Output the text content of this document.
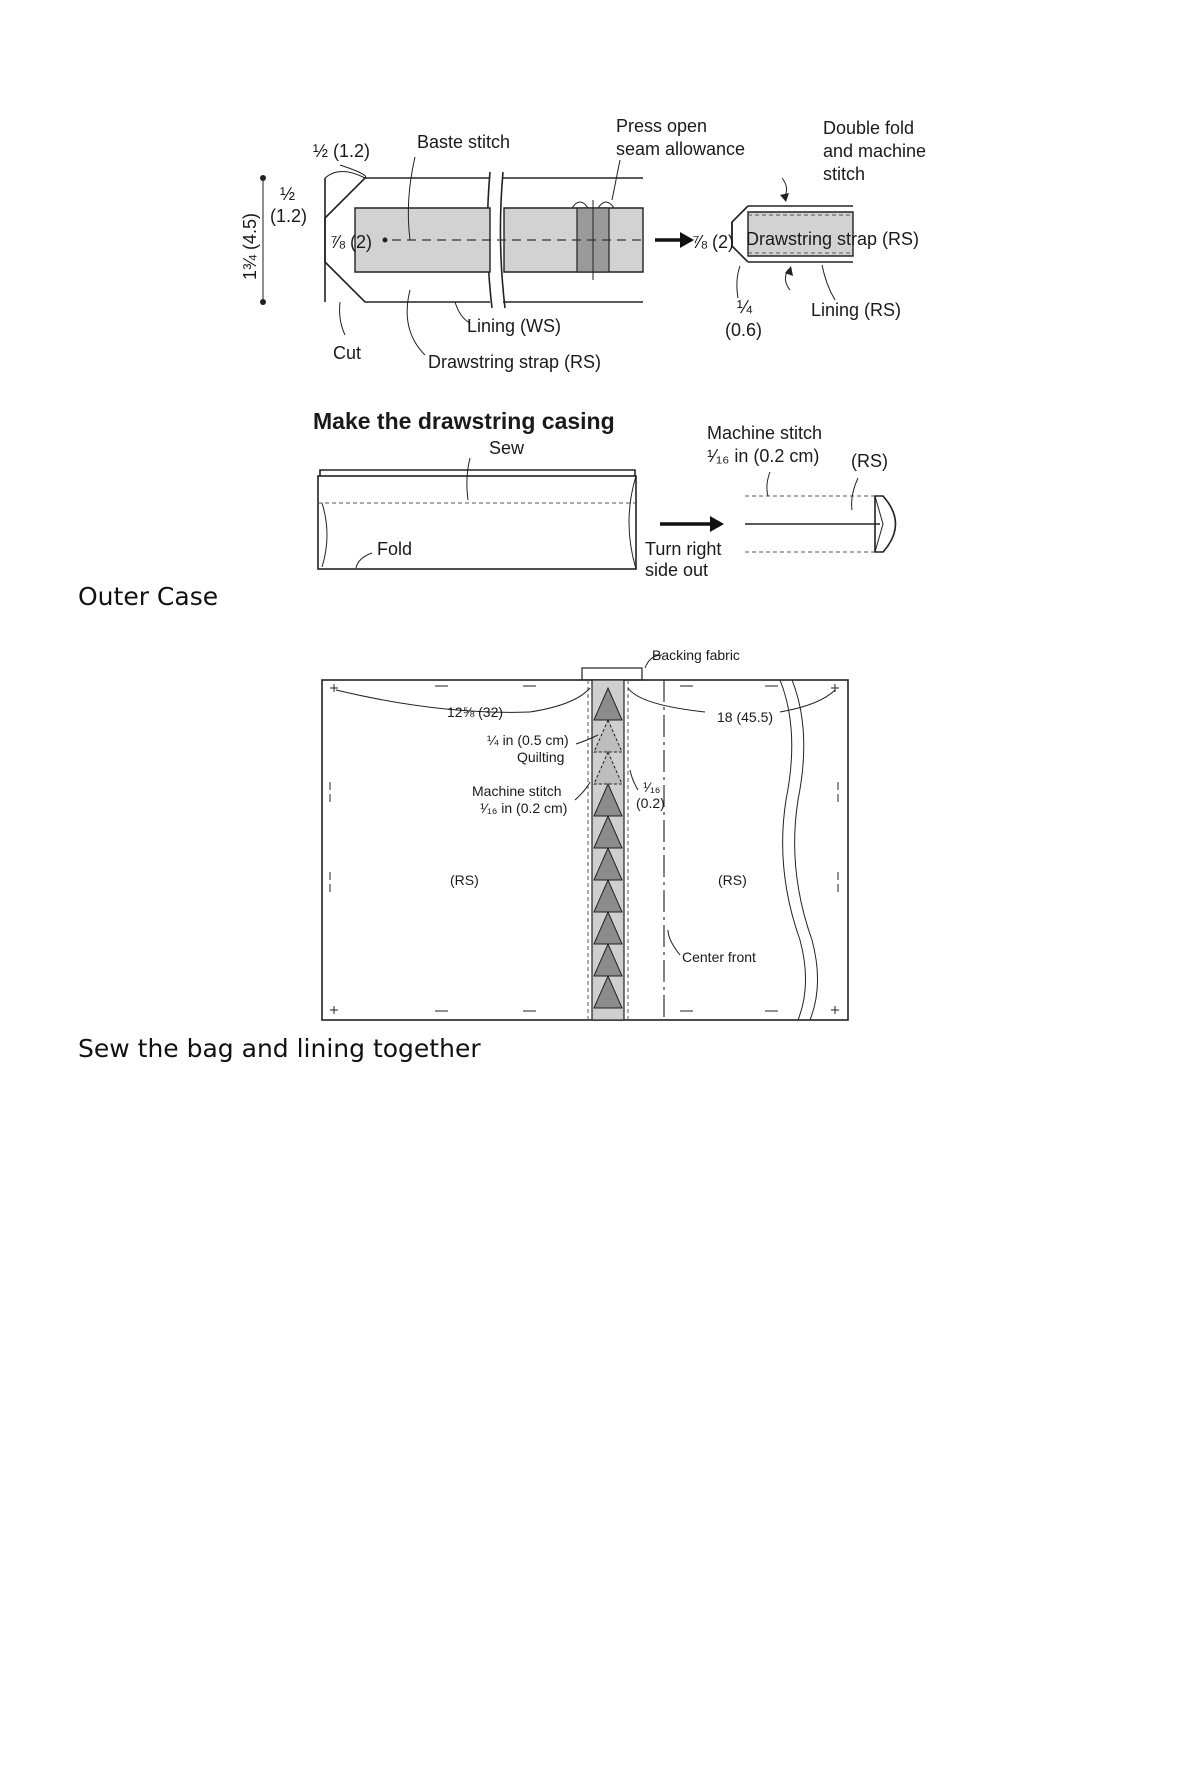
1¾ (4.5)
½ (1.2)
½
(1.2)
⅞ (2)
Baste stitch
Press open
seam allowance
Lining (WS)
Cut	Drawstring strap (RS)
Double fold
and machine
stitch
⅞ (2) Drawstring strap (RS)
¼
(0.6)
Lining (RS)
Make the drawstring casing
Sew
Fold	Turn right
side out
Machine stitch
¹⁄₁₆ in (0.2 cm) (RS)
Backing fabric
12⅝ (32)	18 (45.5)
¼ in (0.5 cm)
Quilting
Machine stitch
¹⁄₁₆ in (0.2 cm)
¹⁄₁₆
(0.2)
(RS)	(RS)
Center front

Outer Case

Sew the bag and lining together
